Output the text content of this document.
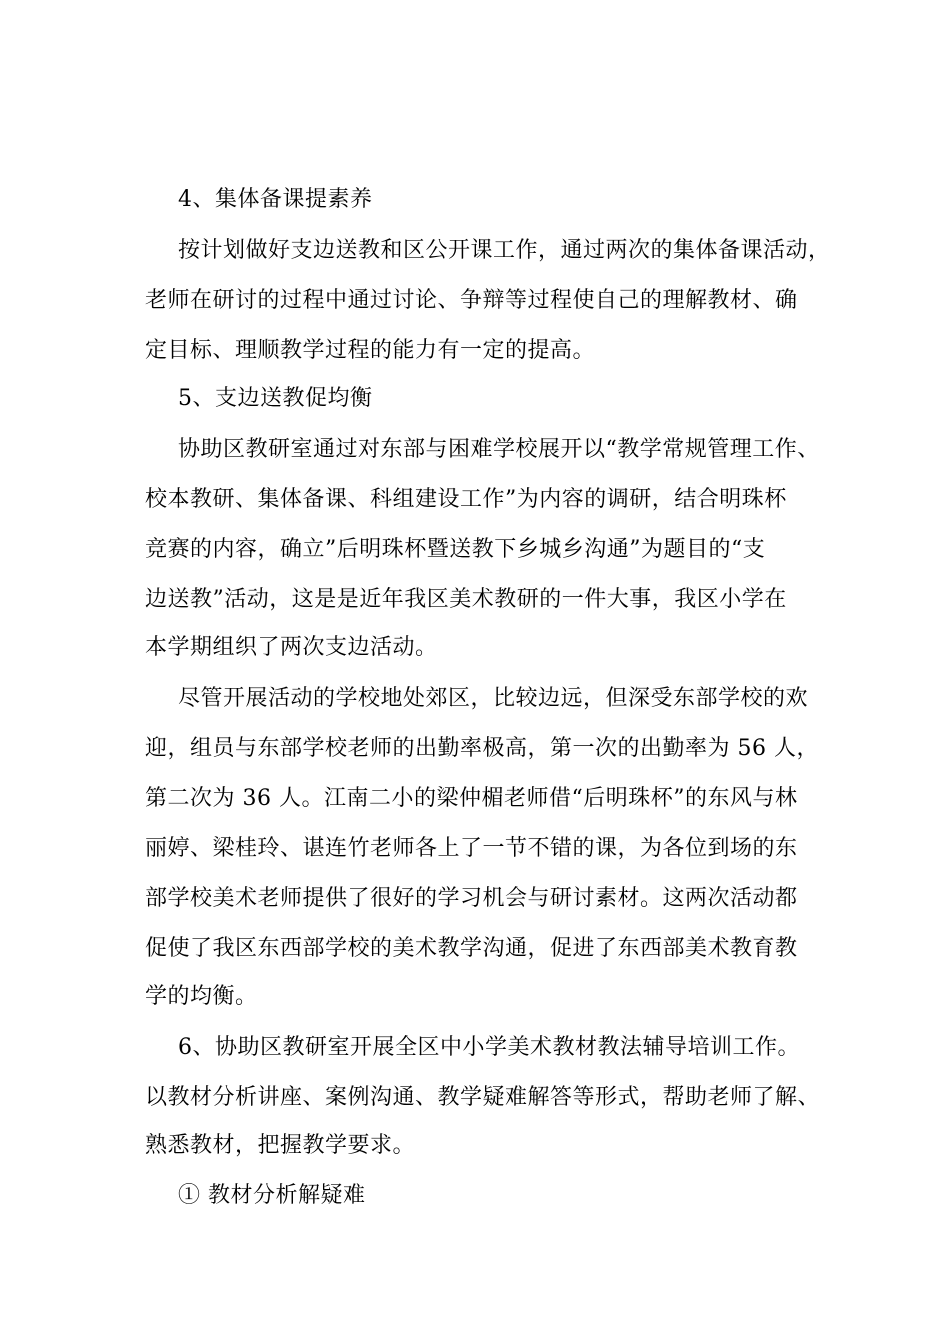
4、集体备课提素养
按计划做好支边送教和区公开课工作，通过两次的集体备课活动，
老师在研讨的过程中通过讨论、争辩等过程使自己的理解教材、确
定目标、理顺教学过程的能力有一定的提高。
5、支边送教促均衡
协助区教研室通过对东部与困难学校展开以“教学常规管理工作、
校本教研、集体备课、科组建设工作”为内容的调研，结合明珠杯
竞赛的内容，确立”后明珠杯暨送教下乡城乡沟通”为题目的“支
边送教”活动，这是是近年我区美术教研的一件大事，我区小学在
本学期组织了两次支边活动。
尽管开展活动的学校地处郊区，比较边远，但深受东部学校的欢
迎，组员与东部学校老师的出勤率极高，第一次的出勤率为 56 人，
第二次为 36 人。江南二小的梁仲楣老师借“后明珠杯”的东风与林
丽婷、梁桂玲、谌连竹老师各上了一节不错的课，为各位到场的东
部学校美术老师提供了很好的学习机会与研讨素材。这两次活动都
促使了我区东西部学校的美术教学沟通，促进了东西部美术教育教
学的均衡。
6、协助区教研室开展全区中小学美术教材教法辅导培训工作。
以教材分析讲座、案例沟通、教学疑难解答等形式，帮助老师了解、
熟悉教材，把握教学要求。
① 教材分析解疑难
